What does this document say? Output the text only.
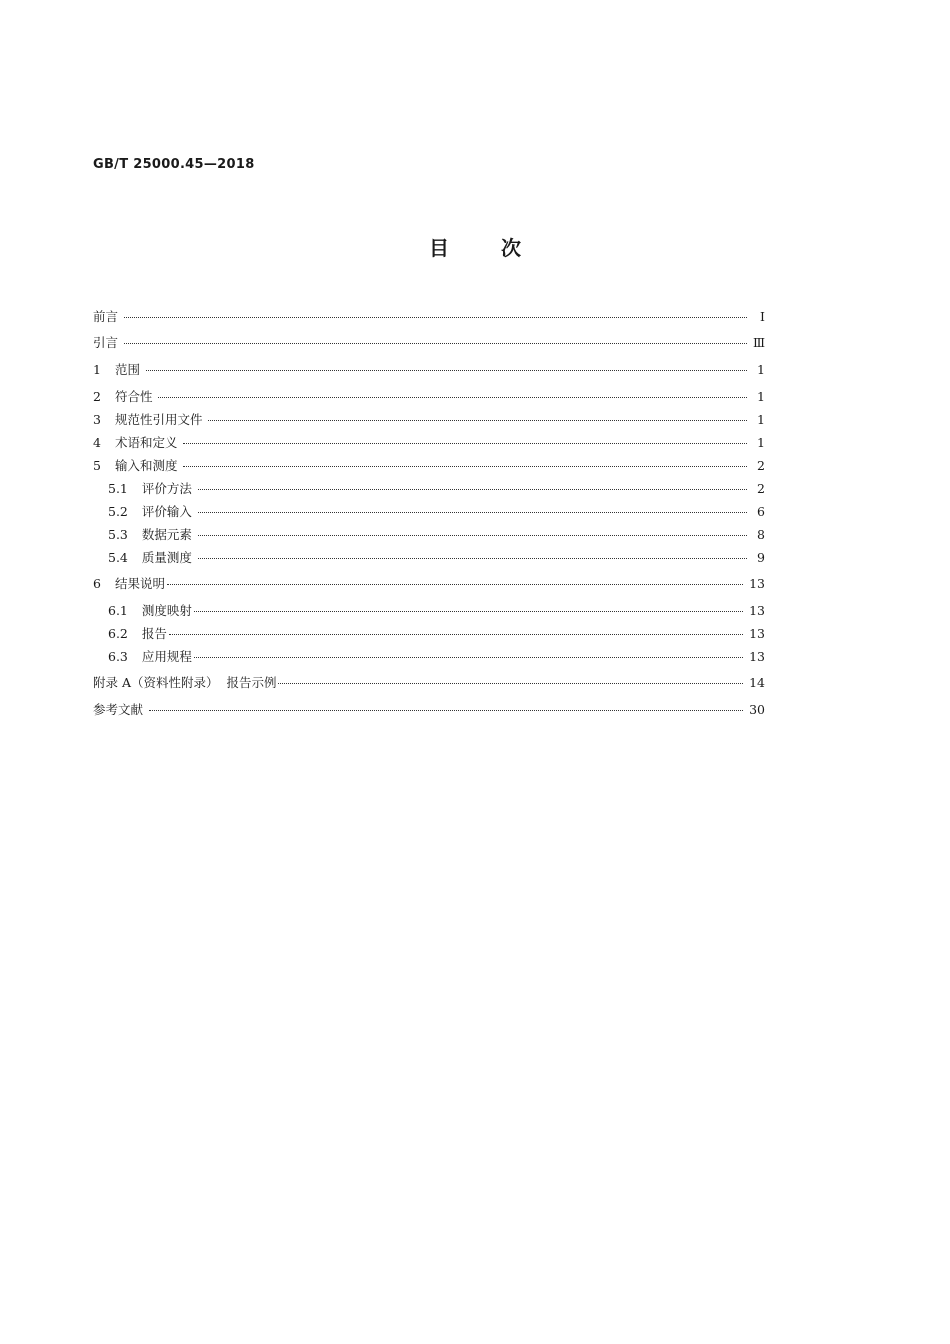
GB/T 25000.45—2018
目	次
前言	Ⅰ
引言	Ⅲ
1	范围	1
2	符合性	1
3	规范性引用文件	1
4	术语和定义	1
5	输入和测度	2
5.1	评价方法	2
5.2	评价输入	6
5.3	数据元素	8
5.4	质量测度	9
6	结果说明	13
6.1	测度映射	13
6.2	报告	13
6.3	应用规程	13
附录 A（资料性附录）  报告示例	14
参考文献	30
